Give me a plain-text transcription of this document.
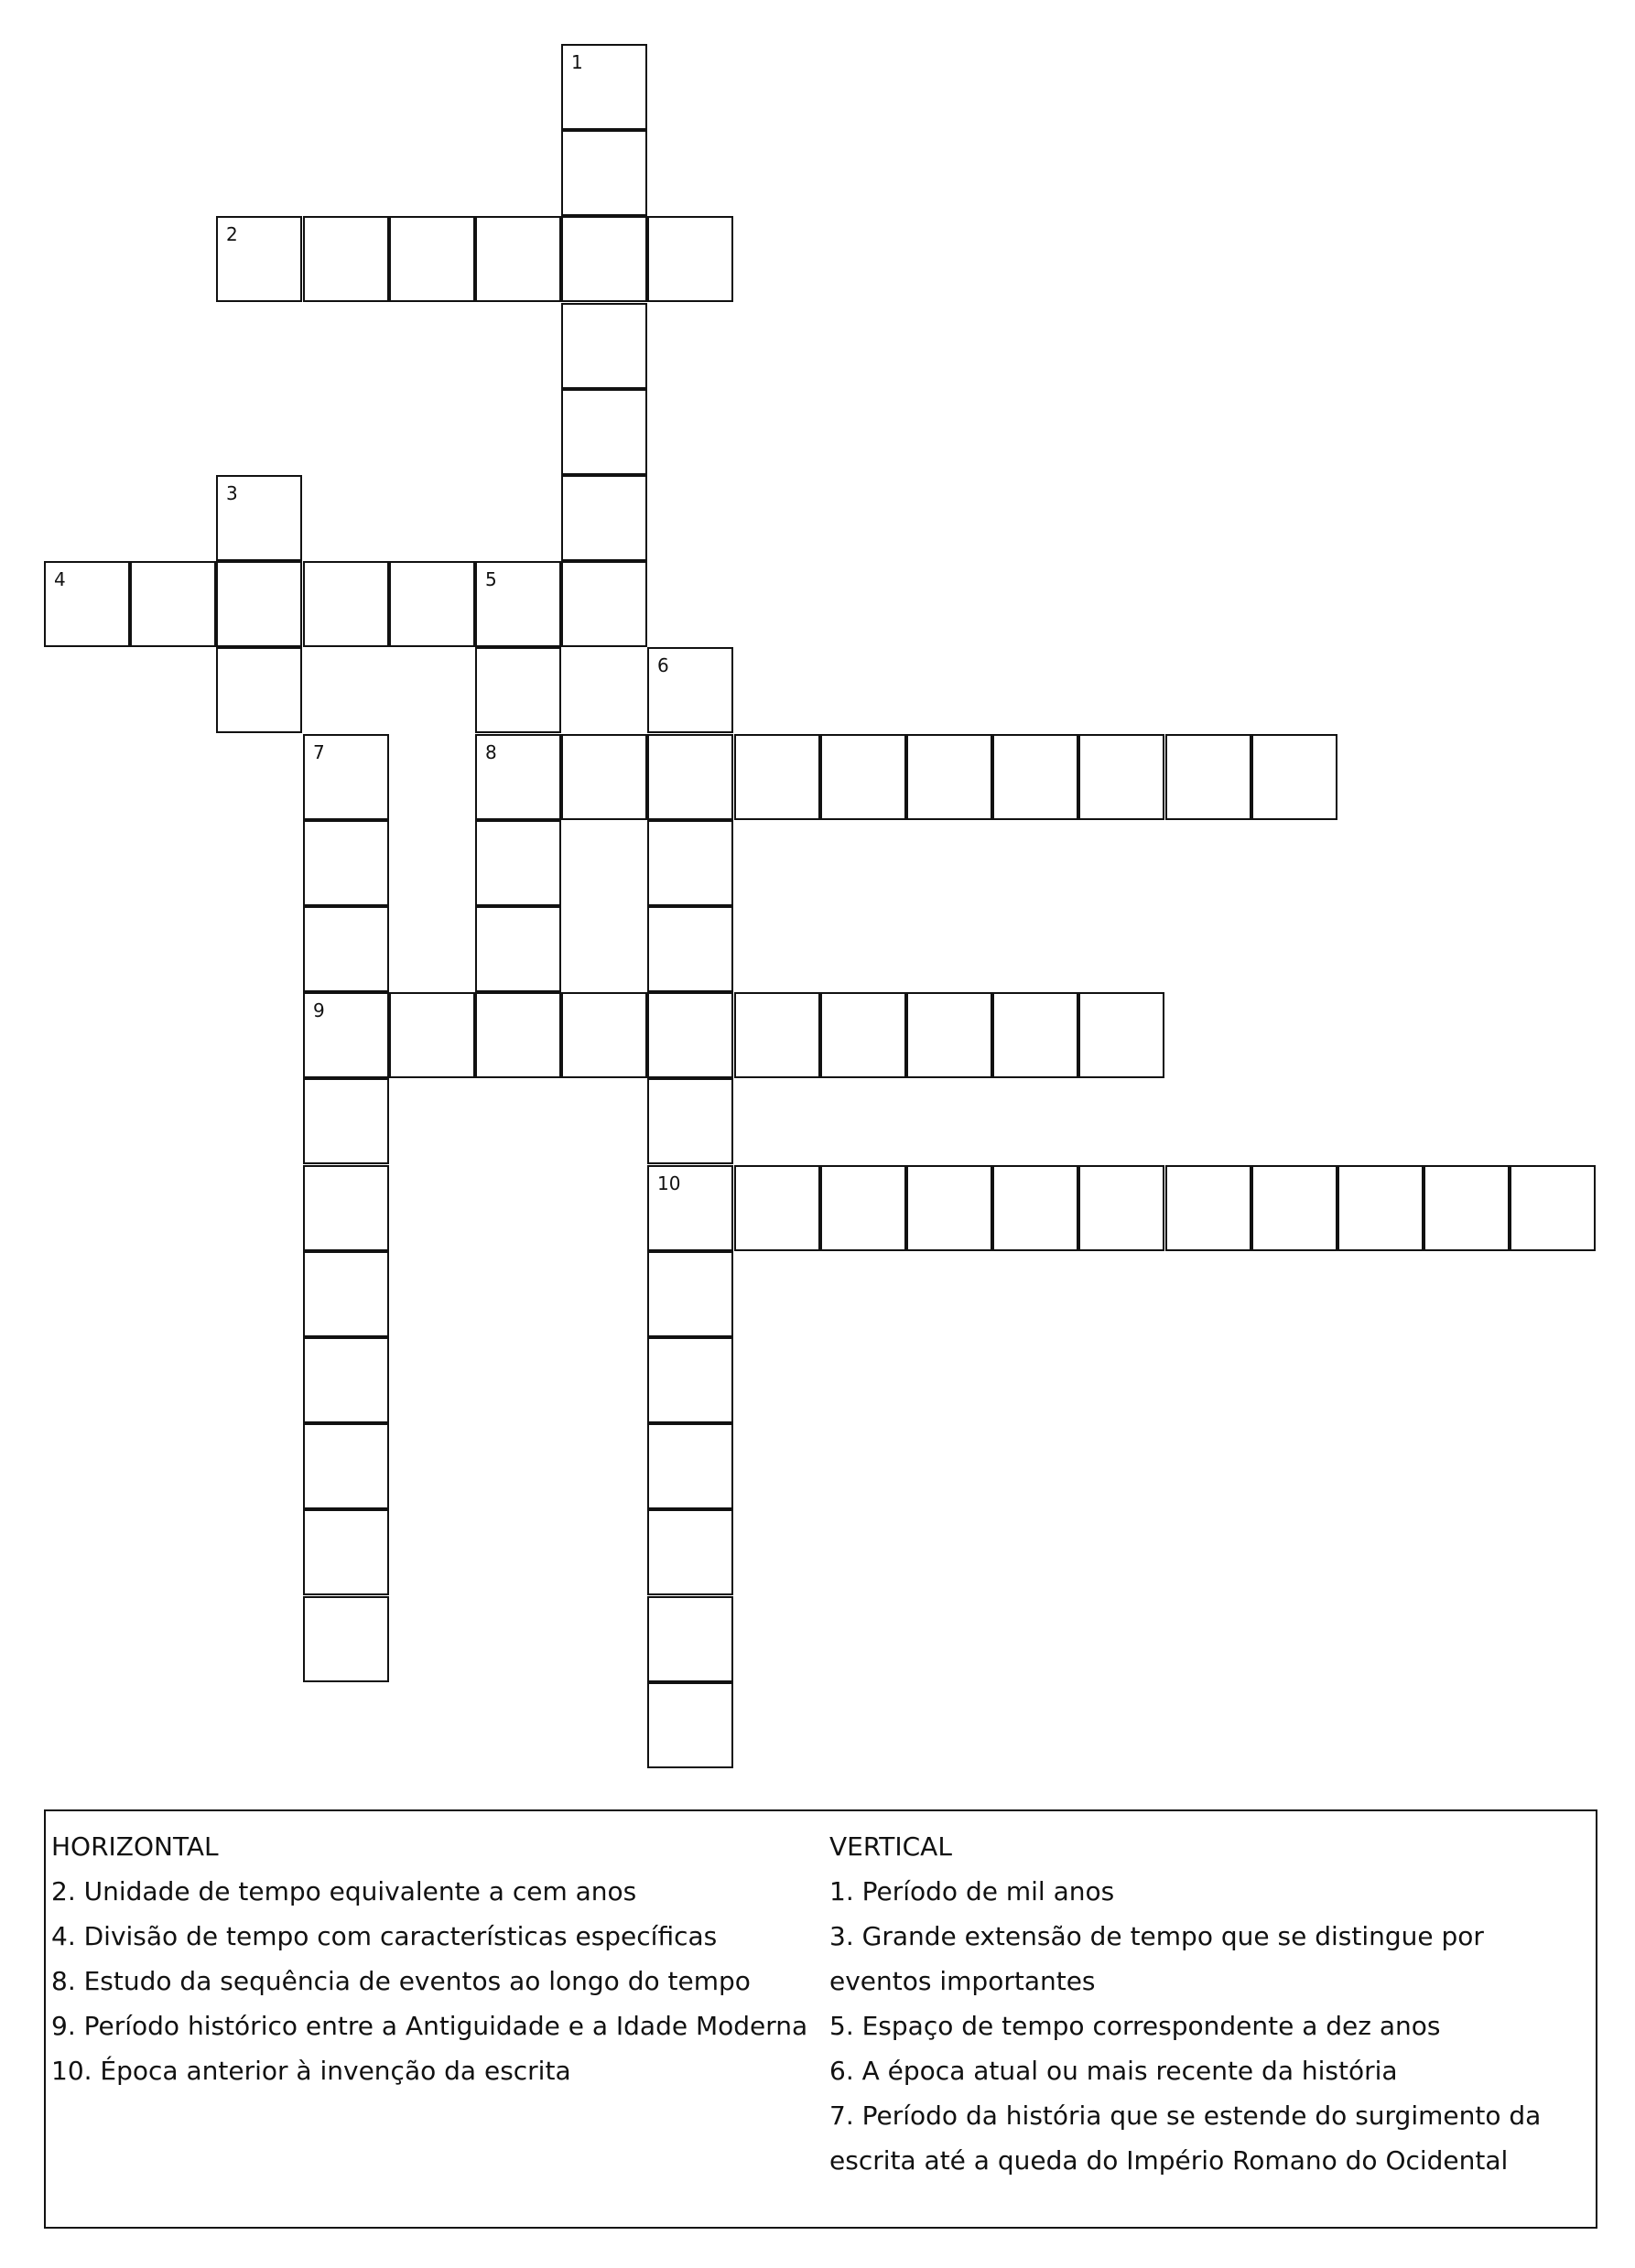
1
2
3
4	5
8
6
10
7
9
HORIZONTAL
2. Unidade de tempo equivalente a cem anos
4. Divisão de tempo com características específicas
8. Estudo da sequência de eventos ao longo do tempo
9. Período histórico entre a Antiguidade e a Idade Moderna
10. Época anterior à invenção da escrita
VERTICAL
1. Período de mil anos
3. Grande extensão de tempo que se distingue por eventos importantes
5. Espaço de tempo correspondente a dez anos
6. A época atual ou mais recente da história
7. Período da história que se estende do surgimento da escrita até a queda do Império Romano do Ocidental
